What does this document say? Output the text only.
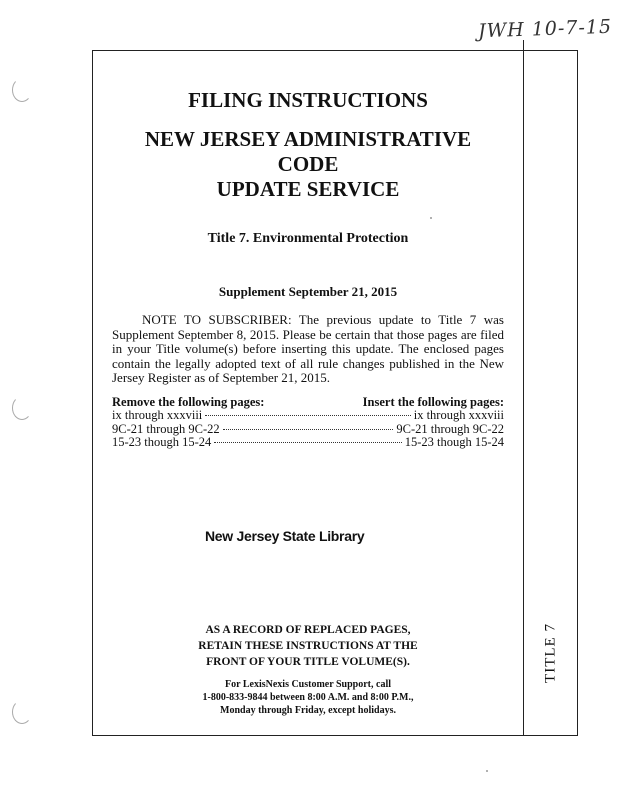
JWH 10-7-15

FILING INSTRUCTIONS

NEW JERSEY ADMINISTRATIVE CODE
UPDATE SERVICE

Title 7. Environmental Protection
Supplement September 21, 2015
NOTE TO SUBSCRIBER: The previous update to Title 7 was Supplement September 8, 2015. Please be certain that those pages are filed in your Title volume(s) before inserting this update. The enclosed pages contain the legally adopted text of all rule changes published in the New Jersey Register as of September 21, 2015.
Remove the following pages:	Insert the following pages:
ix through xxxviii	ix through xxxviii
9C-21 through 9C-22	9C-21 through 9C-22
15-23 though 15-24	15-23 though 15-24
New Jersey State Library
AS A RECORD OF REPLACED PAGES,
RETAIN THESE INSTRUCTIONS AT THE
FRONT OF YOUR TITLE VOLUME(S).
For LexisNexis Customer Support, call
1-800-833-9844 between 8:00 A.M. and 8:00 P.M.,
Monday through Friday, except holidays.
TITLE 7
